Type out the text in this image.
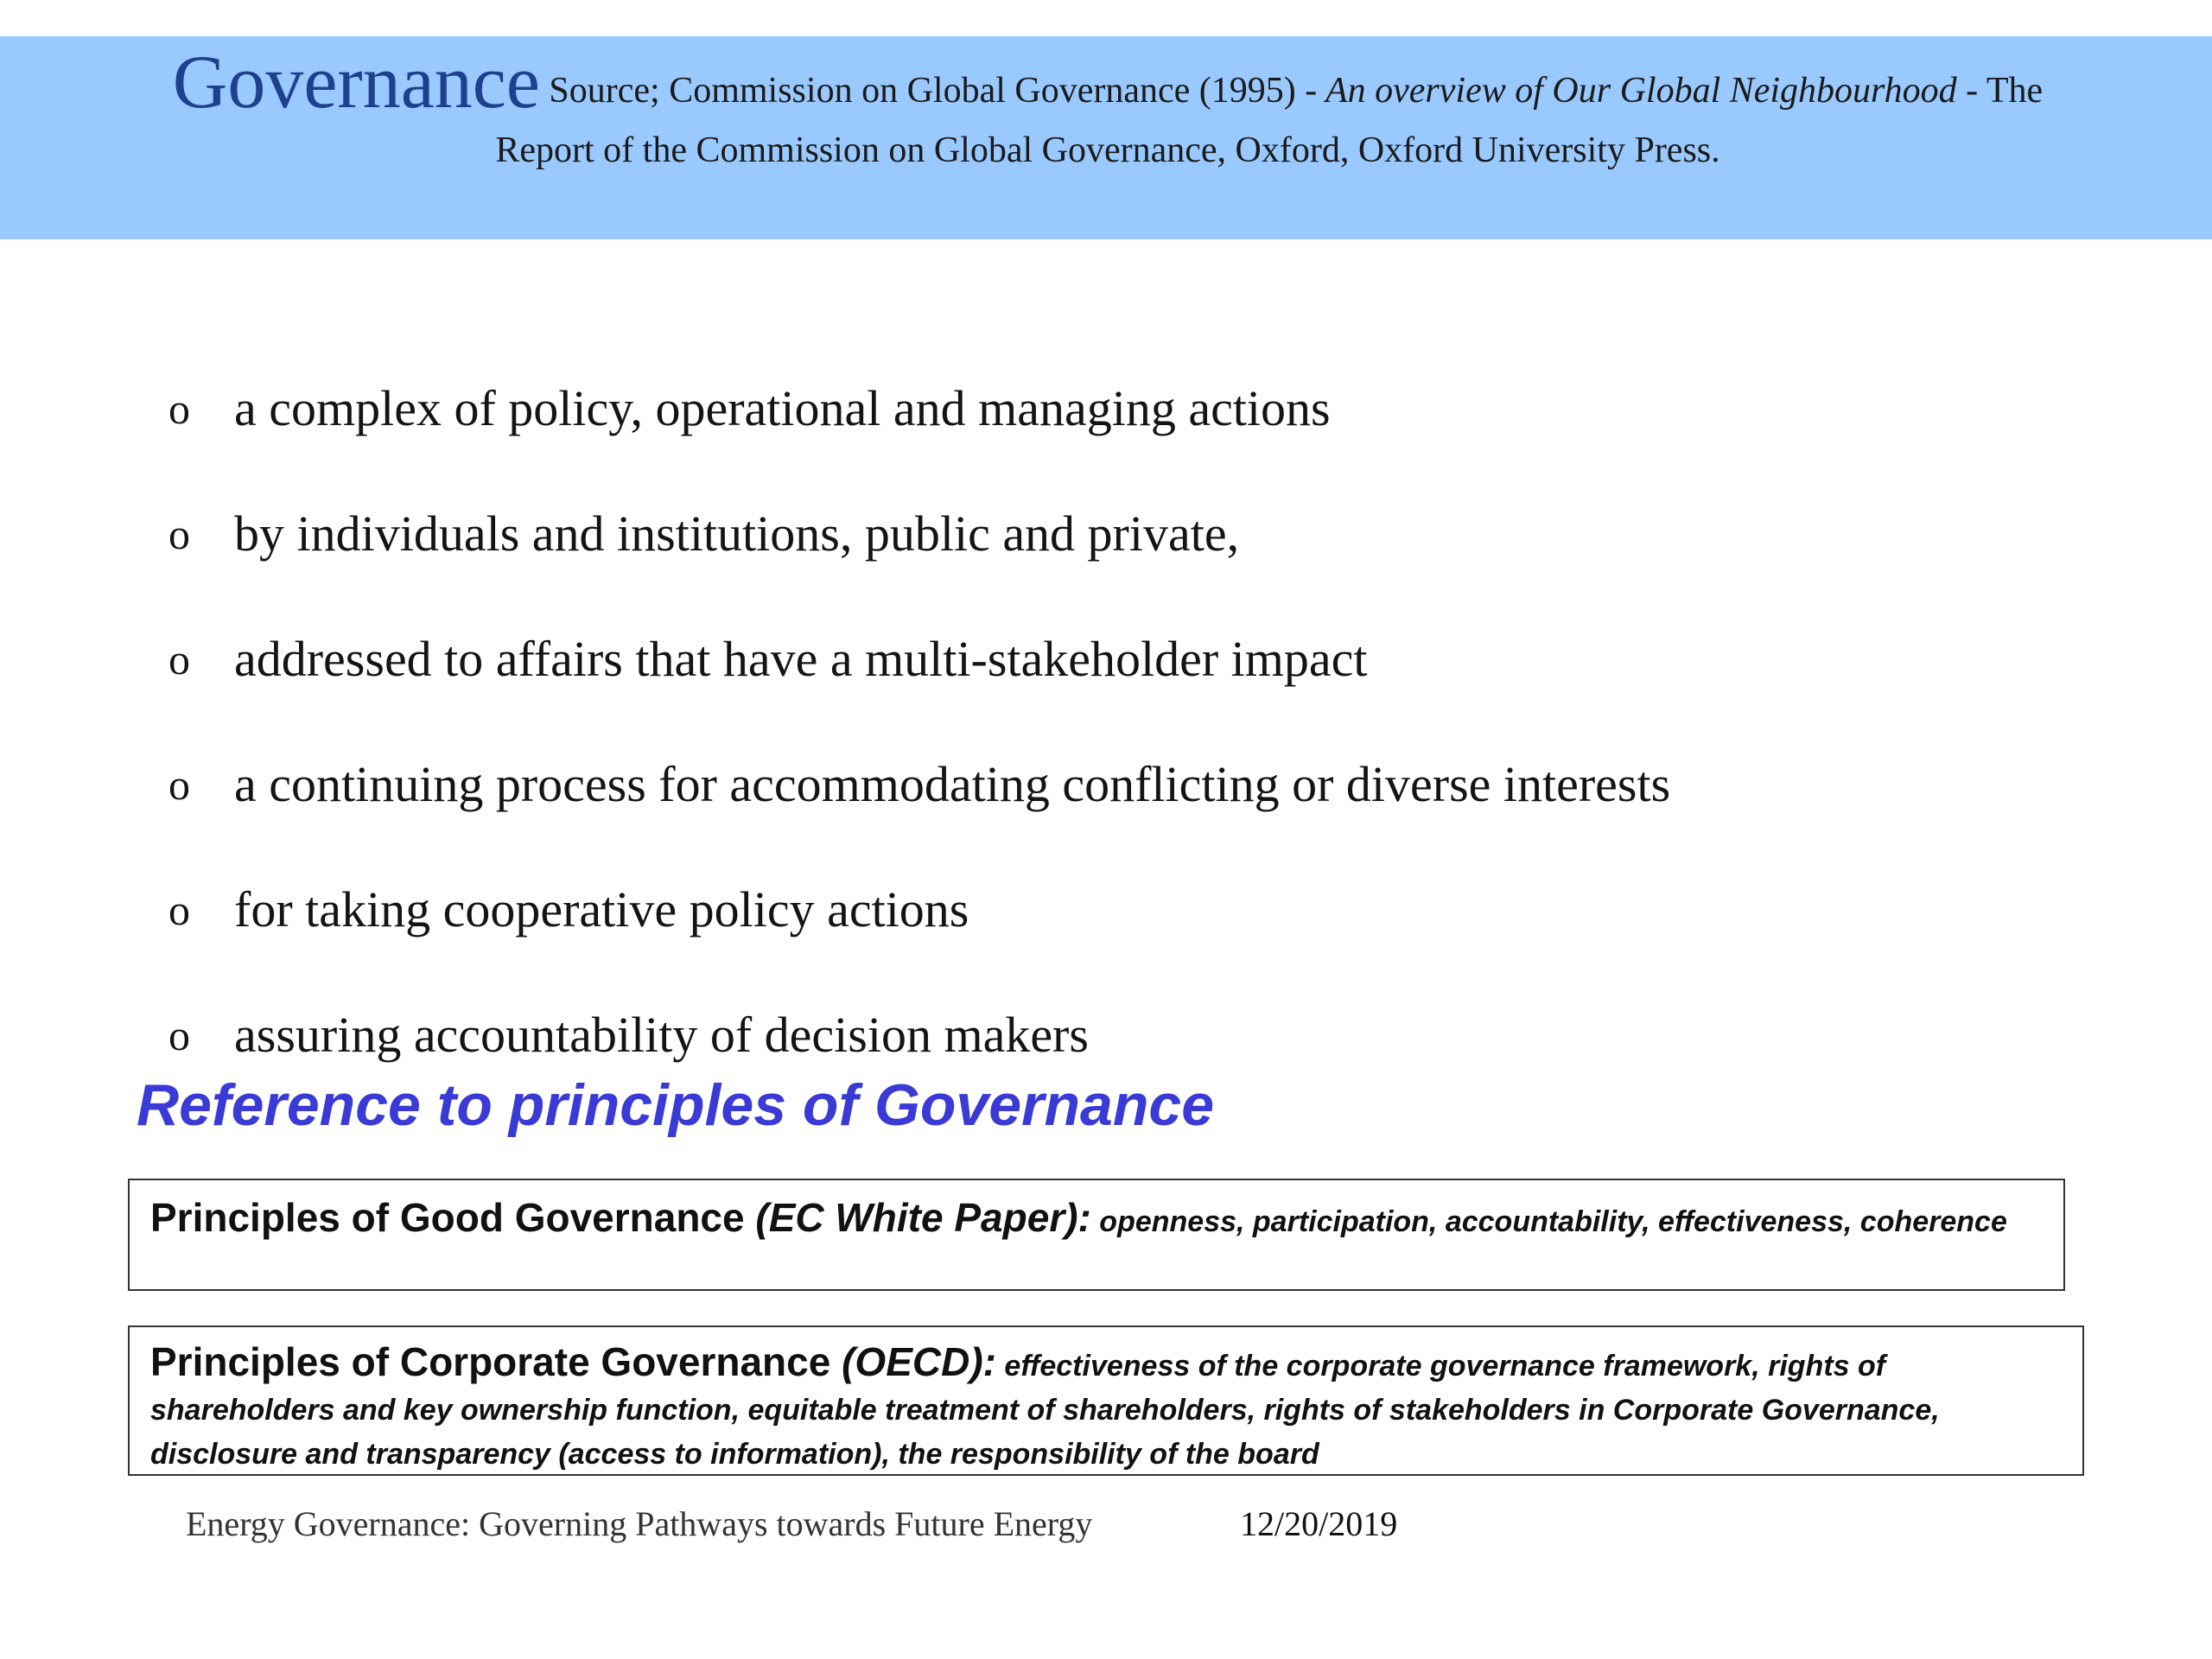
Governance Source; Commission on Global Governance (1995) - An overview of Our Global Neighbourhood - The
Report of the Commission on Global Governance, Oxford, Oxford University Press.
o a complex of policy, operational and managing actions
o by individuals and institutions, public and private,
o addressed to affairs that have a multi-stakeholder impact
o a continuing process for accommodating conflicting or diverse interests
o for taking cooperative policy actions
o assuring accountability of decision makers
Reference to principles of Governance
Principles of Good Governance (EC White Paper): openness, participation, accountability, effectiveness, coherence
Principles of Corporate Governance (OECD): effectiveness of the corporate governance framework, rights of shareholders and key ownership function, equitable treatment of shareholders, rights of stakeholders in Corporate Governance, disclosure and transparency (access to information), the responsibility of the board
Energy Governance: Governing Pathways towards Future Energy	12/20/2019
